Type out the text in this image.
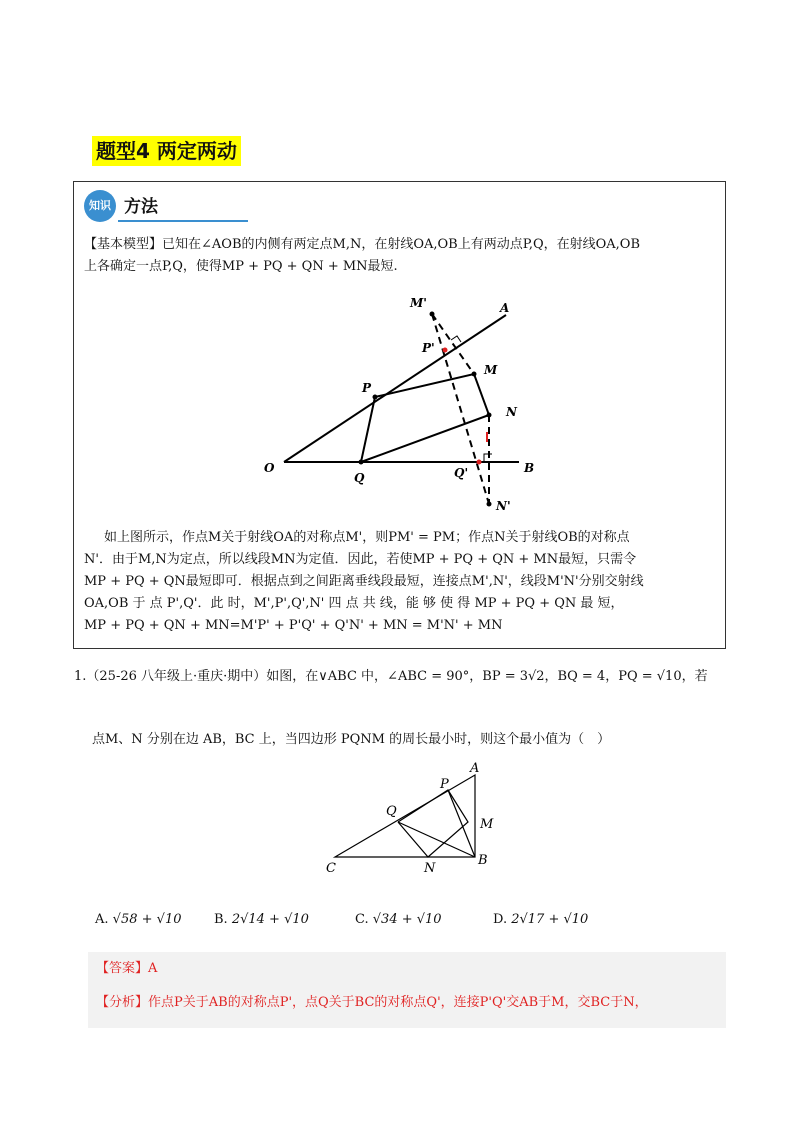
题型4 两定两动
知识 方法

【基本模型】已知在∠AOB的内侧有两定点M,N，在射线OA,OB上有两动点P,Q，在射线OA,OB

上各确定一点P,Q，使得MP + PQ + QN + MN最短.

M'	A
P'
M
P
N
O
Q	Q'	B
N'

如上图所示，作点M关于射线OA的对称点M'，则PM' = PM；作点N关于射线OB的对称点

N'．由于M,N为定点，所以线段MN为定值．因此，若使MP + PQ + QN + MN最短，只需令

MP + PQ + QN最短即可．根据点到之间距离垂线段最短，连接点M',N'，线段M'N'分别交射线

OA,OB 于 点 P',Q'．此 时，M',P',Q',N' 四 点 共 线，能 够 使 得 MP + PQ + QN 最 短，

MP + PQ + QN + MN=M'P' + P'Q' + Q'N' + MN = M'N' + MN

1.（25-26 八年级上·重庆·期中）如图，在∨ABC 中，∠ABC = 90°，BP = 3√2，BQ = 4，PQ = √10，若
点M、N 分别在边 AB，BC 上，当四边形 PQNM 的周长最小时，则这个最小值为（　）
A
P
Q
M
C	N
B
A. √58 + √10	B. 2√14 + √10	C. √34 + √10	D. 2√17 + √10
【答案】A
【分析】作点P关于AB的对称点P'，点Q关于BC的对称点Q'，连接P'Q'交AB于M，交BC于N，
